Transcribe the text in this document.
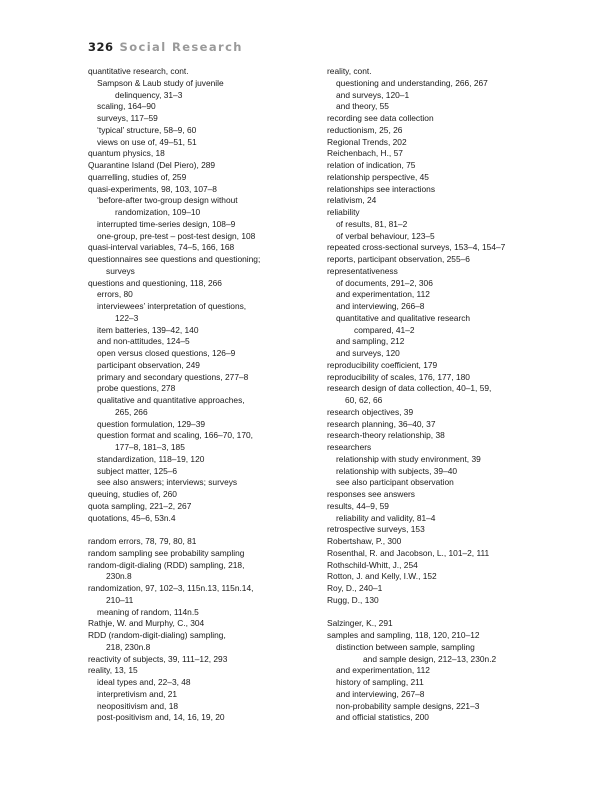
326 Social Research
quantitative research, cont.
Sampson & Laub study of juvenile
delinquency, 31–3
scaling, 164–90
surveys, 117–59
‘typical’ structure, 58–9, 60
views on use of, 49–51, 51
quantum physics, 18
Quarantine Island (Del Piero), 289
quarrelling, studies of, 259
quasi-experiments, 98, 103, 107–8
‘before-after two-group design without
randomization, 109–10
interrupted time-series design, 108–9
one-group, pre-test – post-test design, 108
quasi-interval variables, 74–5, 166, 168
questionnaires see questions and questioning;
surveys
questions and questioning, 118, 266
errors, 80
interviewees’ interpretation of questions,
122–3
item batteries, 139–42, 140
and non-attitudes, 124–5
open versus closed questions, 126–9
participant observation, 249
primary and secondary questions, 277–8
probe questions, 278
qualitative and quantitative approaches,
265, 266
question formulation, 129–39
question format and scaling, 166–70, 170,
177–8, 181–3, 185
standardization, 118–19, 120
subject matter, 125–6
see also answers; interviews; surveys
queuing, studies of, 260
quota sampling, 221–2, 267
quotations, 45–6, 53n.4
random errors, 78, 79, 80, 81
random sampling see probability sampling
random-digit-dialing (RDD) sampling, 218,
230n.8
randomization, 97, 102–3, 115n.13, 115n.14,
210–11
meaning of random, 114n.5
Rathje, W. and Murphy, C., 304
RDD (random-digit-dialing) sampling,
218, 230n.8
reactivity of subjects, 39, 111–12, 293
reality, 13, 15
ideal types and, 22–3, 48
interpretivism and, 21
neopositivism and, 18
post-positivism and, 14, 16, 19, 20
reality, cont.
questioning and understanding, 266, 267
and surveys, 120–1
and theory, 55
recording see data collection
reductionism, 25, 26
Regional Trends, 202
Reichenbach, H., 57
relation of indication, 75
relationship perspective, 45
relationships see interactions
relativism, 24
reliability
of results, 81, 81–2
of verbal behaviour, 123–5
repeated cross-sectional surveys, 153–4, 154–7
reports, participant observation, 255–6
representativeness
of documents, 291–2, 306
and experimentation, 112
and interviewing, 266–8
quantitative and qualitative research
compared, 41–2
and sampling, 212
and surveys, 120
reproducibility coefficient, 179
reproducibility of scales, 176, 177, 180
research design of data collection, 40–1, 59,
60, 62, 66
research objectives, 39
research planning, 36–40, 37
research-theory relationship, 38
researchers
relationship with study environment, 39
relationship with subjects, 39–40
see also participant observation
responses see answers
results, 44–9, 59
reliability and validity, 81–4
retrospective surveys, 153
Robertshaw, P., 300
Rosenthal, R. and Jacobson, L., 101–2, 111
Rothschild-Whitt, J., 254
Rotton, J. and Kelly, I.W., 152
Roy, D., 240–1
Rugg, D., 130
Salzinger, K., 291
samples and sampling, 118, 120, 210–12
distinction between sample, sampling
and sample design, 212–13, 230n.2
and experimentation, 112
history of sampling, 211
and interviewing, 267–8
non-probability sample designs, 221–3
and official statistics, 200
